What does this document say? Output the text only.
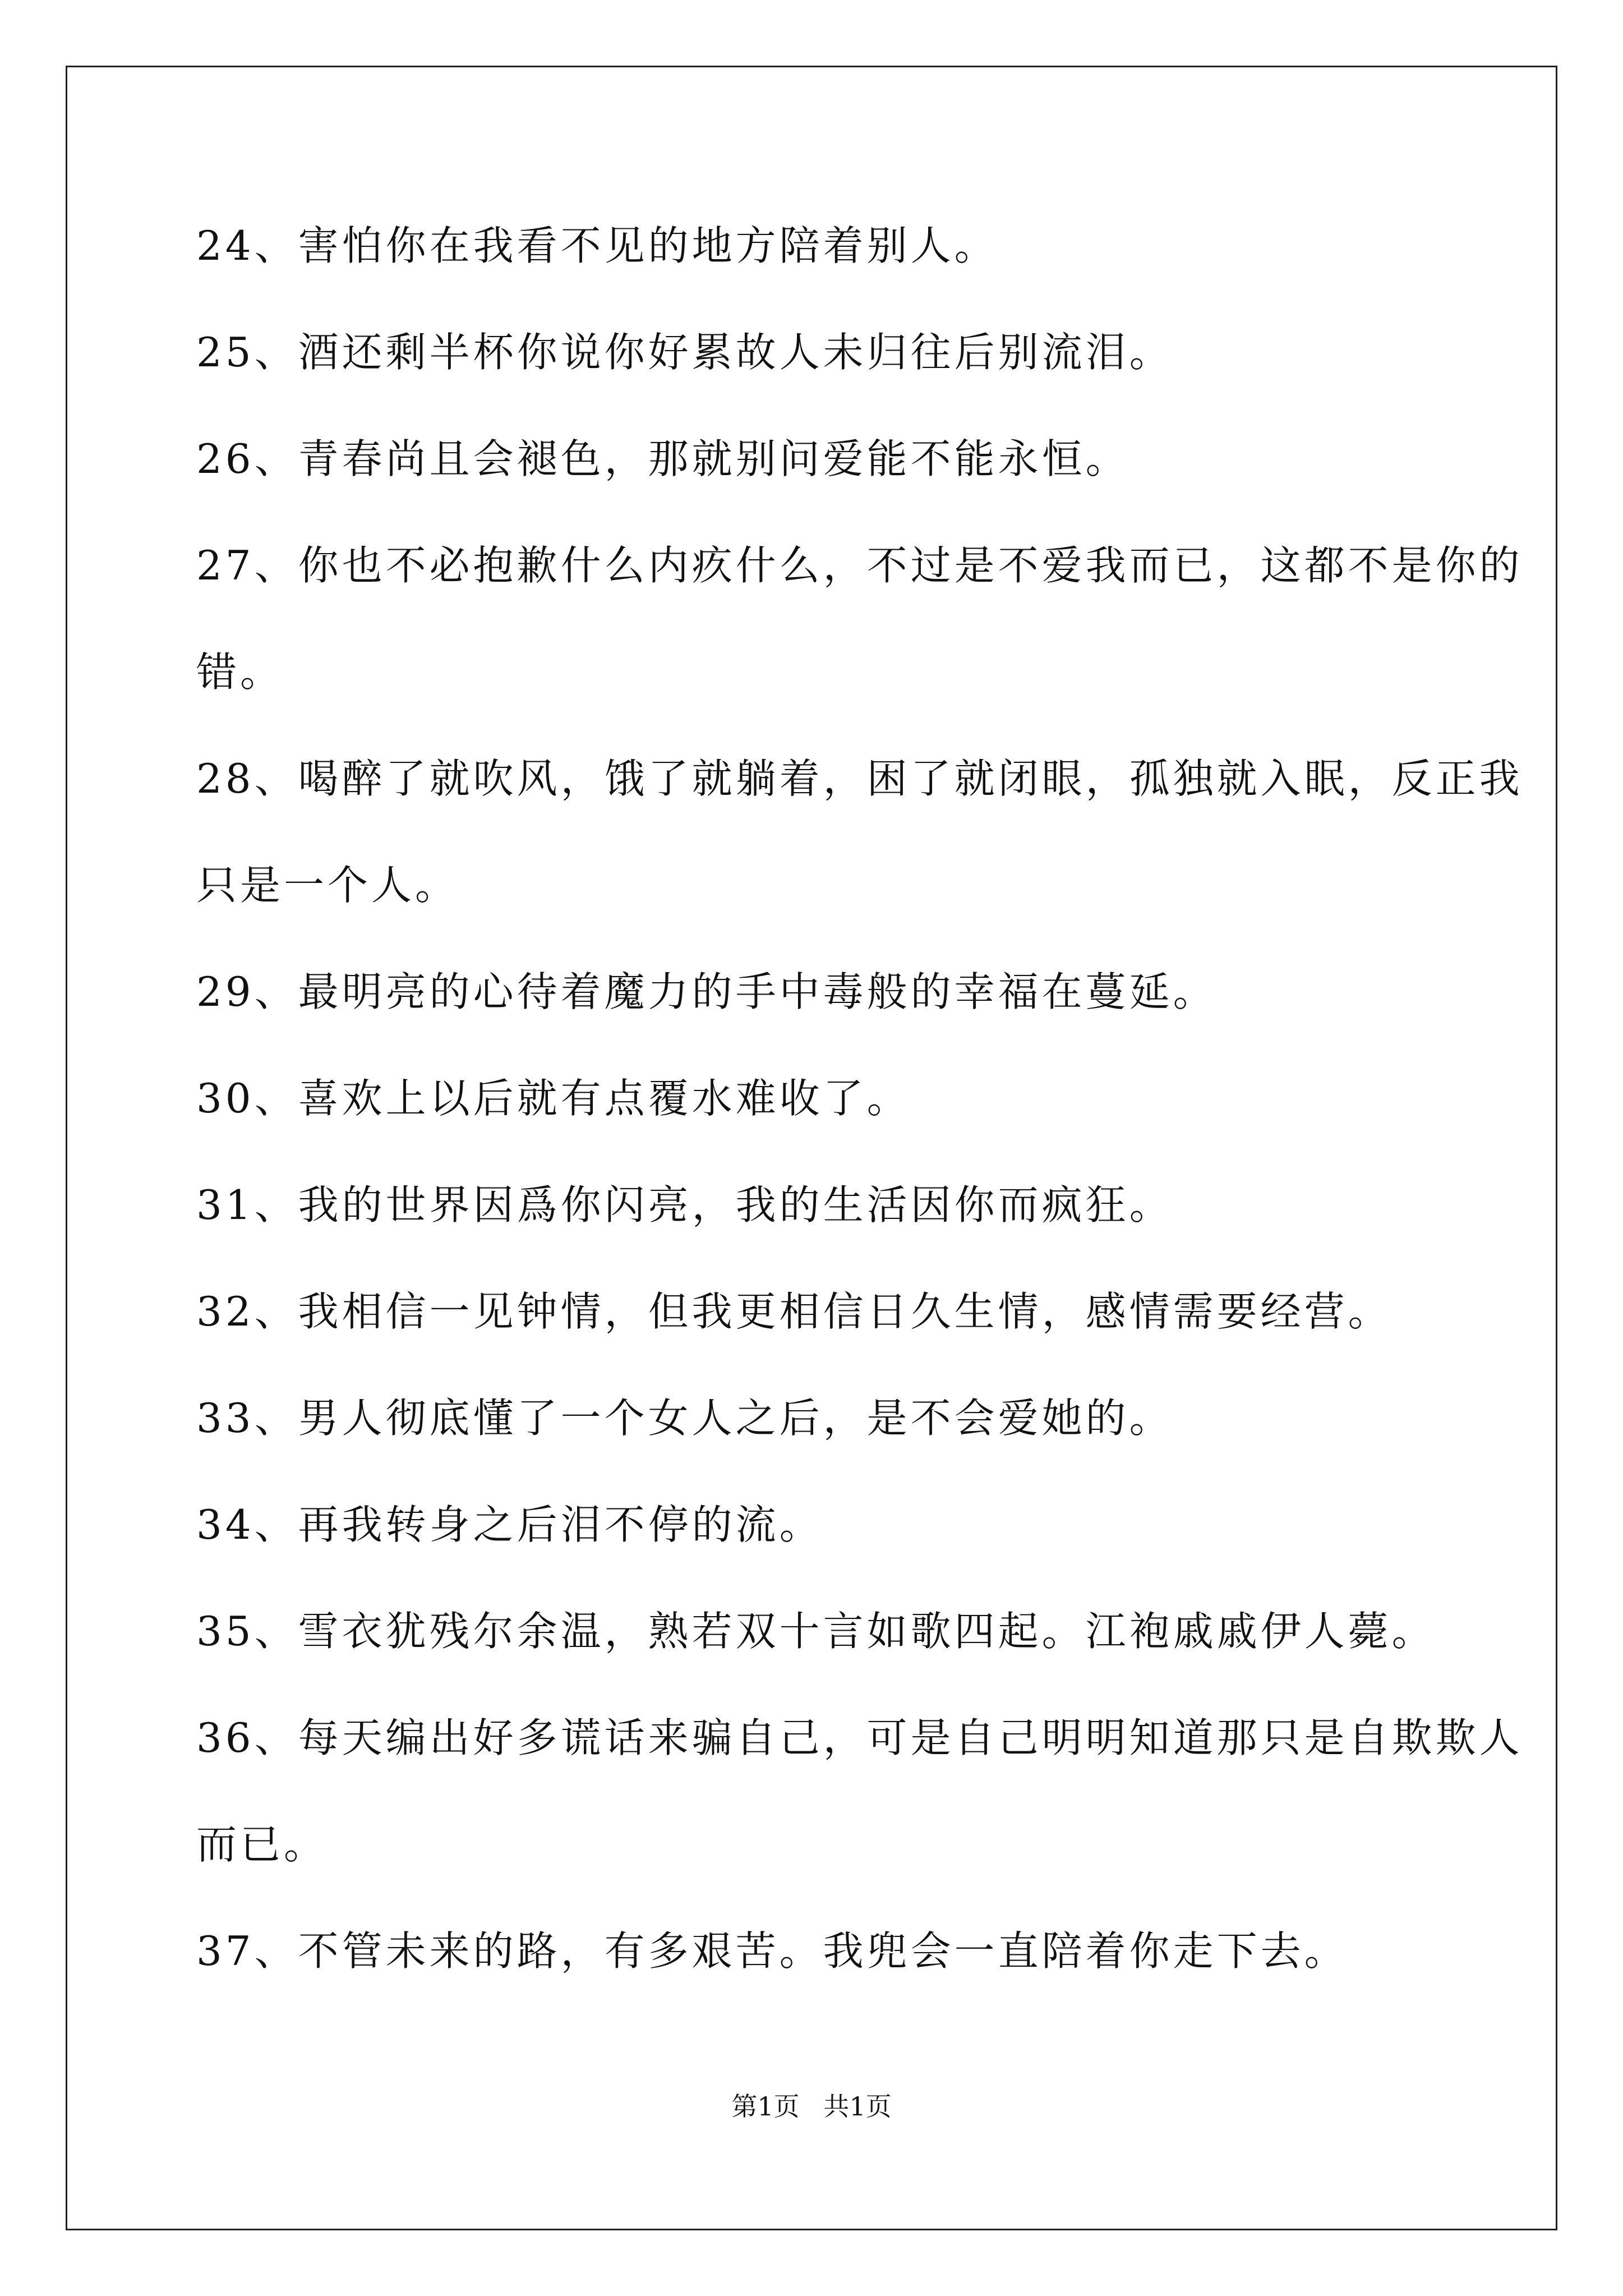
24、害怕你在我看不见的地方陪着别人。
25、酒还剩半杯你说你好累故人未归往后别流泪。
26、青春尚且会褪色，那就别问爱能不能永恒。
27、你也不必抱歉什么内疚什么，不过是不爱我而已，这都不是你的
错。
28、喝醉了就吹风，饿了就躺着，困了就闭眼，孤独就入眠，反正我
只是一个人。
29、最明亮的心待着魔力的手中毒般的幸福在蔓延。
30、喜欢上以后就有点覆水难收了。
31、我的世界因爲你闪亮，我的生活因你而疯狂。
32、我相信一见钟情，但我更相信日久生情，感情需要经营。
33、男人彻底懂了一个女人之后，是不会爱她的。
34、再我转身之后泪不停的流。
35、雪衣犹残尔余温，熟若双十言如歌四起。江袍戚戚伊人薨。
36、每天编出好多谎话来骗自己，可是自己明明知道那只是自欺欺人
而已。
37、不管未来的路，有多艰苦。我兜会一直陪着你走下去。
第1页 共1页
